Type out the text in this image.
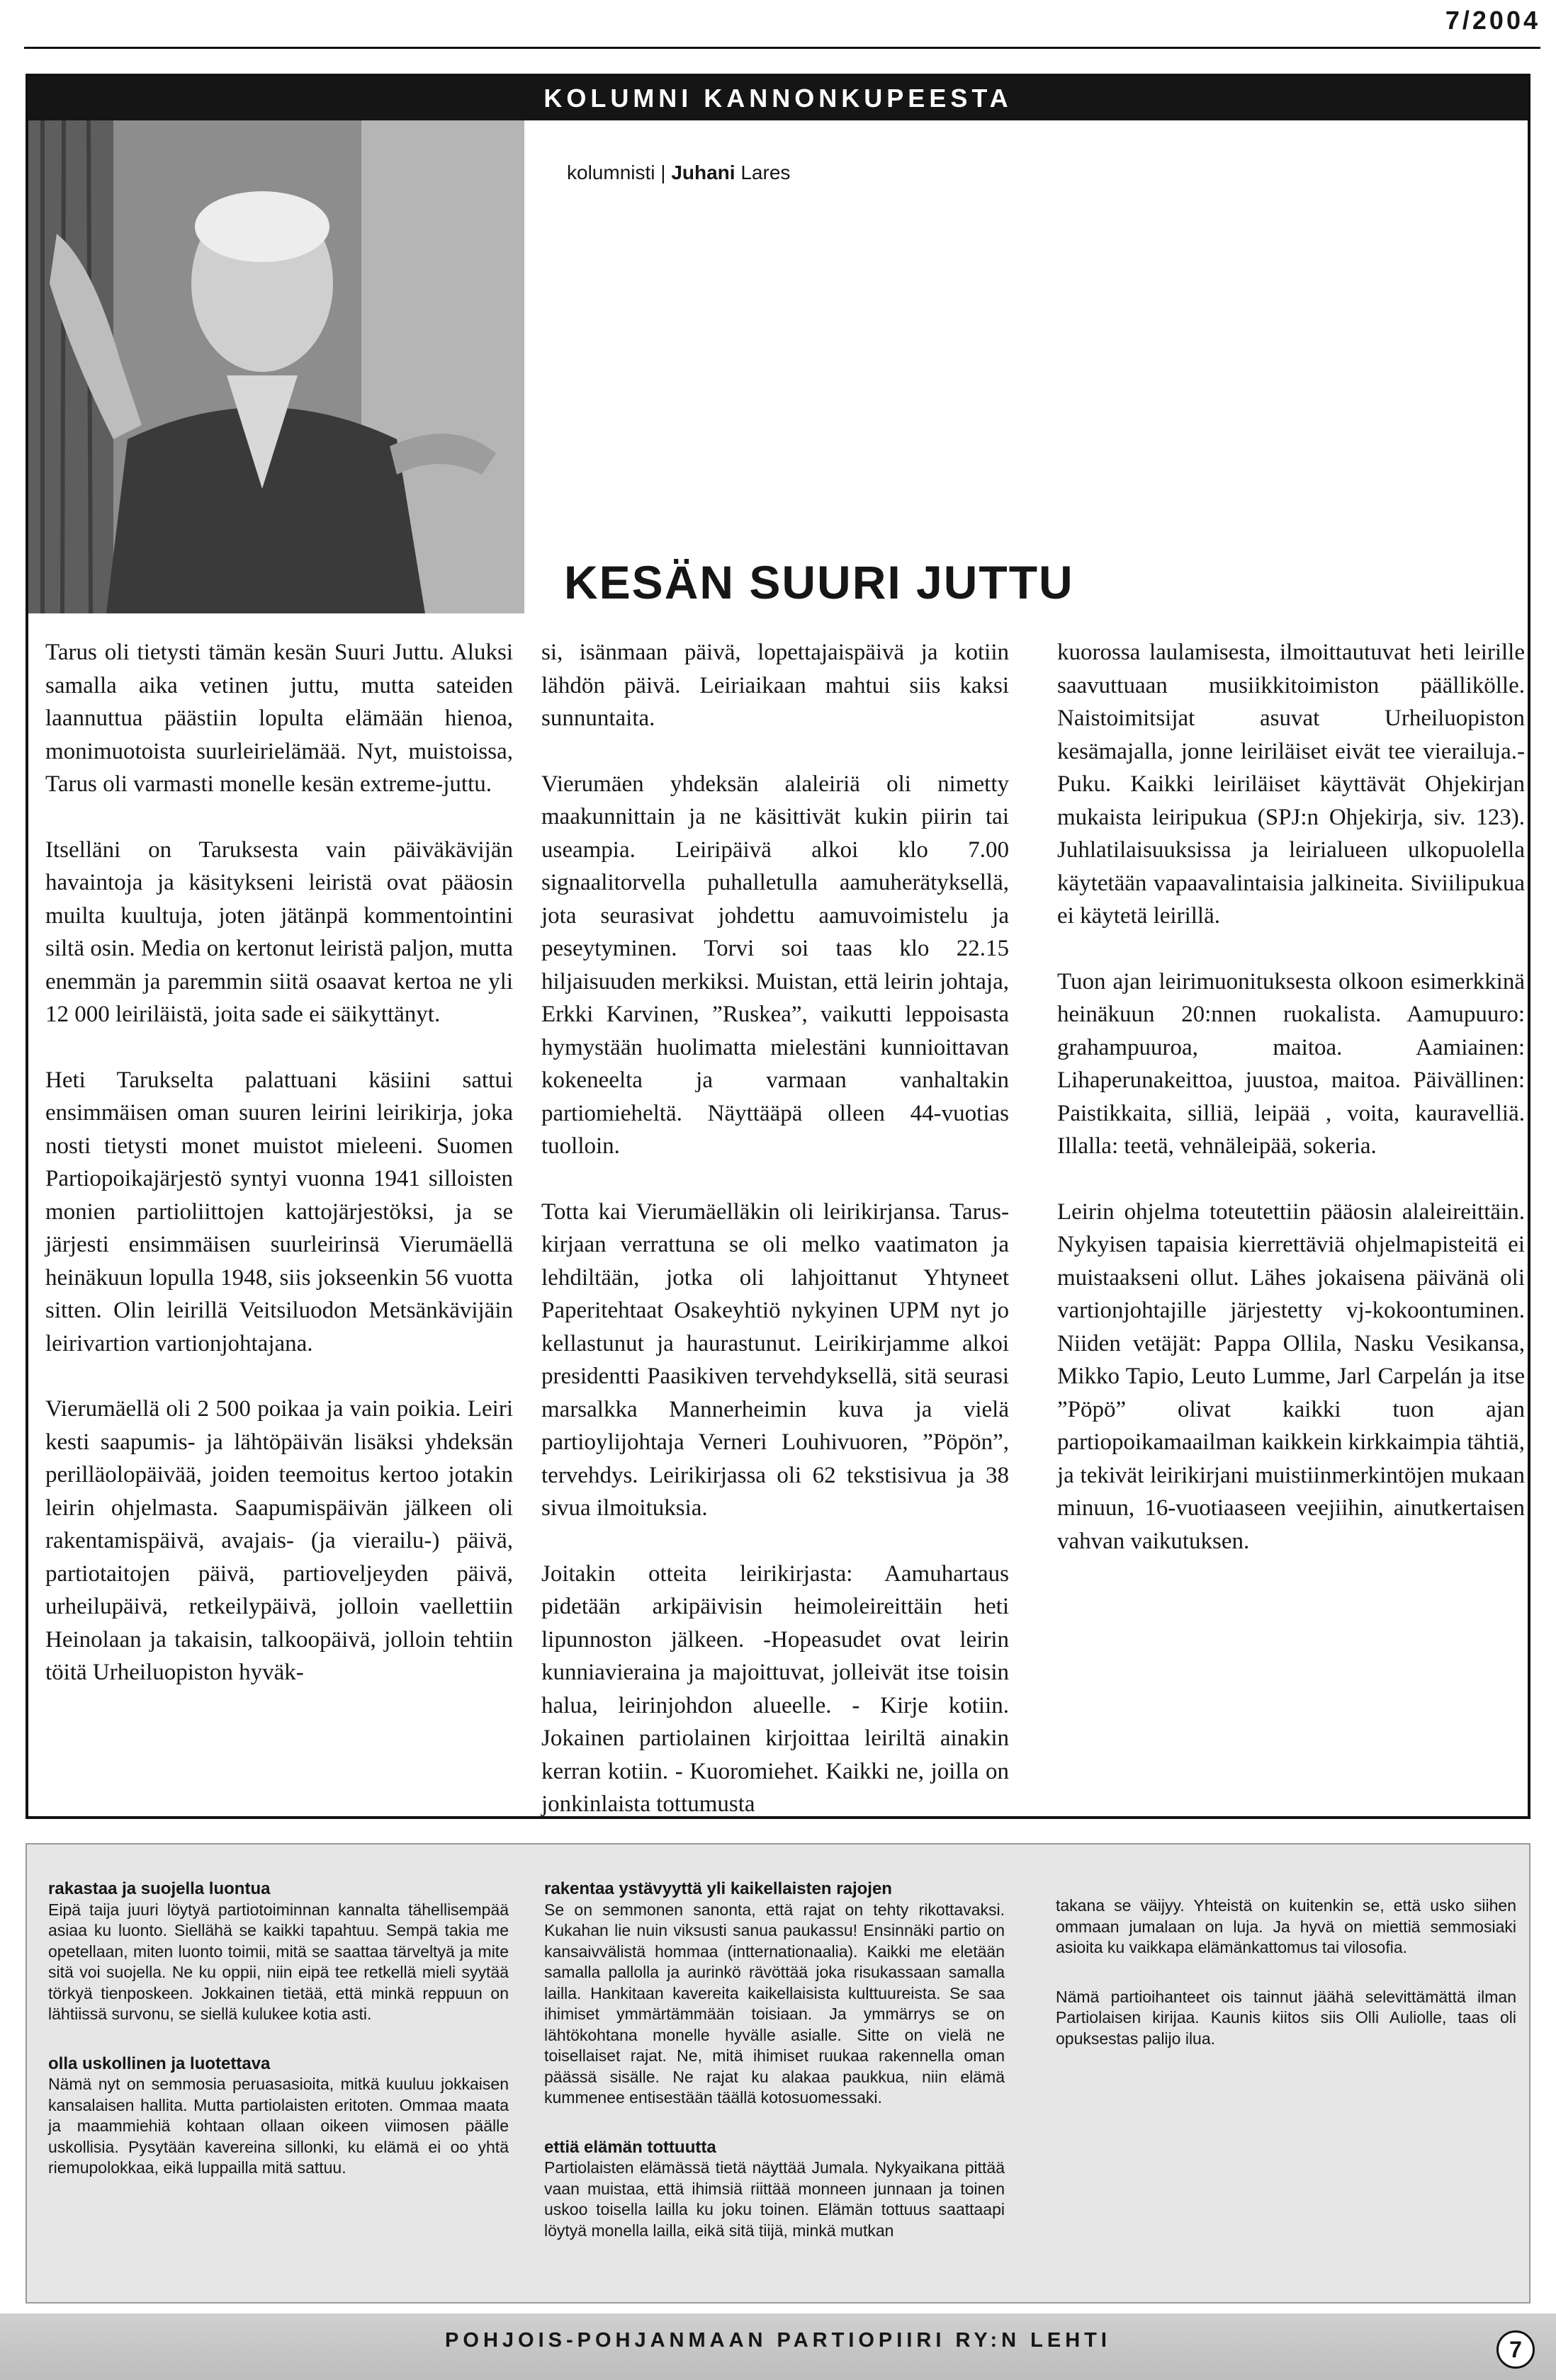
7/2004
KOLUMNI KANNONKUPEESTA
kolumnisti | Juhani Lares
KESÄN SUURI JUTTU

Tarus oli tietysti tämän kesän Suuri Juttu. Aluksi samalla aika vetinen juttu, mutta sateiden laannuttua päästiin lopulta elämään hienoa, monimuotoista suurleirielämää. Nyt, muistoissa, Tarus oli varmasti monelle kesän extreme-juttu.

Itselläni on Taruksesta vain päiväkävijän havaintoja ja käsitykseni leiristä ovat pääosin muilta kuultuja, joten jätänpä kommentointini siltä osin. Media on kertonut leiristä paljon, mutta enemmän ja paremmin siitä osaavat kertoa ne yli 12 000 leiriläistä, joita sade ei säikyttänyt.

Heti Tarukselta palattuani käsiini sattui ensimmäisen oman suuren leirini leirikirja, joka nosti tietysti monet muistot mieleeni. Suomen Partiopoikajärjestö syntyi vuonna 1941 silloisten monien partioliittojen kattojärjestöksi, ja se järjesti ensimmäisen suurleirinsä Vierumäellä heinäkuun lopulla 1948, siis jokseenkin 56 vuotta sitten. Olin leirillä Veitsiluodon Metsänkävijäin leirivartion vartionjohtajana.

Vierumäellä oli 2 500 poikaa ja vain poikia. Leiri kesti saapumis- ja lähtöpäivän lisäksi yhdeksän perilläolopäivää, joiden teemoitus kertoo jotakin leirin ohjelmasta. Saapumispäivän jälkeen oli rakentamispäivä, avajais- (ja vierailu-) päivä, partiotaitojen päivä, partioveljeyden päivä, urheilupäivä, retkeilypäivä, jolloin vaellettiin Heinolaan ja takaisin, talkoopäivä, jolloin tehtiin töitä Urheiluopiston hyväk-

si, isänmaan päivä, lopettajaispäivä ja kotiin lähdön päivä. Leiriaikaan mahtui siis kaksi sunnuntaita.

Vierumäen yhdeksän alaleiriä oli nimetty maakunnittain ja ne käsittivät kukin piirin tai useampia. Leiripäivä alkoi klo 7.00 signaalitorvella puhalletulla aamuherätyksellä, jota seurasivat johdettu aamuvoimistelu ja peseytyminen. Torvi soi taas klo 22.15 hiljaisuuden merkiksi. Muistan, että leirin johtaja, Erkki Karvinen, ”Ruskea”, vaikutti leppoisasta hymystään huolimatta mielestäni kunnioittavan kokeneelta ja varmaan vanhaltakin partiomieheltä. Näyttääpä olleen 44-vuotias tuolloin.

Totta kai Vierumäelläkin oli leirikirjansa. Tarus-kirjaan verrattuna se oli melko vaatimaton ja lehdiltään, jotka oli lahjoittanut Yhtyneet Paperitehtaat Osakeyhtiö nykyinen UPM nyt jo kellastunut ja haurastunut. Leirikirjamme alkoi presidentti Paasikiven tervehdyksellä, sitä seurasi marsalkka Mannerheimin kuva ja vielä partioylijohtaja Verneri Louhivuoren, ”Pöpön”, tervehdys. Leirikirjassa oli 62 tekstisivua ja 38 sivua ilmoituksia.

Joitakin otteita leirikirjasta: Aamuhartaus pidetään arkipäivisin heimoleireittäin heti lipunnoston jälkeen. -Hopeasudet ovat leirin kunniavieraina ja majoittuvat, jolleivät itse toisin halua, leirinjohdon alueelle. - Kirje kotiin. Jokainen partiolainen kirjoittaa leiriltä ainakin kerran kotiin. - Kuoromiehet. Kaikki ne, joilla on jonkinlaista tottumusta

kuorossa laulamisesta, ilmoittautuvat heti leirille saavuttuaan musiikkitoimiston päällikölle. Naistoimitsijat asuvat Urheiluopiston kesämajalla, jonne leiriläiset eivät tee vierailuja.- Puku. Kaikki leiriläiset käyttävät Ohjekirjan mukaista leiripukua (SPJ:n Ohjekirja, siv. 123). Juhlatilaisuuksissa ja leirialueen ulkopuolella käytetään vapaavalintaisia jalkineita. Siviilipukua ei käytetä leirillä.

Tuon ajan leirimuonituksesta olkoon esimerkkinä heinäkuun 20:nnen ruokalista. Aamupuuro: grahampuuroa, maitoa. Aamiainen: Lihaperunakeittoa, juustoa, maitoa. Päivällinen: Paistikkaita, silliä, leipää , voita, kauravelliä. Illalla: teetä, vehnäleipää, sokeria.

Leirin ohjelma toteutettiin pääosin alaleireittäin. Nykyisen tapaisia kierrettäviä ohjelmapisteitä ei muistaakseni ollut. Lähes jokaisena päivänä oli vartionjohtajille järjestetty vj-kokoontuminen. Niiden vetäjät: Pappa Ollila, Nasku Vesikansa, Mikko Tapio, Leuto Lumme, Jarl Carpelán ja itse ”Pöpö” olivat kaikki tuon ajan partiopoikamaailman kaikkein kirkkaimpia tähtiä, ja tekivät leirikirjani muistiinmerkintöjen mukaan minuun, 16-vuotiaaseen veejiihin, ainutkertaisen vahvan vaikutuksen.

rakastaa ja suojella luontua

Eipä taija juuri löytyä partiotoiminnan kannalta tähellisempää asiaa ku luonto. Siellähä se kaikki tapahtuu. Sempä takia me opetellaan, miten luonto toimii, mitä se saattaa tärveltyä ja mite sitä voi suojella. Ne ku oppii, niin eipä tee retkellä mieli syytää törkyä tienposkeen. Jokkainen tietää, että minkä reppuun on lähtiissä survonu, se siellä kulukee kotia asti.

olla uskollinen ja luotettava

Nämä nyt on semmosia peruasasioita, mitkä kuuluu jokkaisen kansalaisen hallita. Mutta partiolaisten eritoten. Ommaa maata ja maammiehiä kohtaan ollaan oikeen viimosen päälle uskollisia. Pysytään kavereina sillonki, ku elämä ei oo yhtä riemupolokkaa, eikä luppailla mitä sattuu.

rakentaa ystävyyttä yli kaikellaisten rajojen

Se on semmonen sanonta, että rajat on tehty rikottavaksi. Kukahan lie nuin viksusti sanua paukassu! Ensinnäki partio on kansaivvälistä hommaa (intternationaalia). Kaikki me eletään samalla pallolla ja aurinkö rävöttää joka risukassaan samalla lailla. Hankitaan kavereita kaikellaisista kulttuureista. Se saa ihimiset ymmärtämmään toisiaan. Ja ymmärrys se on lähtökohtana monelle hyvälle asialle. Sitte on vielä ne toisellaiset rajat. Ne, mitä ihimiset ruukaa rakennella oman päässä sisälle. Ne rajat ku alakaa paukkua, niin elämä kummenee entisestään täällä kotosuomessaki.

ettiä elämän tottuutta

Partiolaisten elämässä tietä näyttää Jumala. Nykyaikana pittää vaan muistaa, että ihimsiä riittää monneen junnaan ja toinen uskoo toisella lailla ku joku toinen. Elämän tottuus saattaapi löytyä monella lailla, eikä sitä tiijä, minkä mutkan

takana se väijyy. Yhteistä on kuitenkin se, että usko siihen ommaan jumalaan on luja. Ja hyvä on miettiä semmosiaki asioita ku vaikkapa elämänkattomus tai vilosofia.

Nämä partioihanteet ois tainnut jäähä selevittämättä ilman Partiolaisen kirijaa. Kaunis kiitos siis Olli Auliolle, taas oli opuksestas palijo ilua.

POHJOIS-POHJANMAAN PARTIOPIIRI RY:N LEHTI	7
